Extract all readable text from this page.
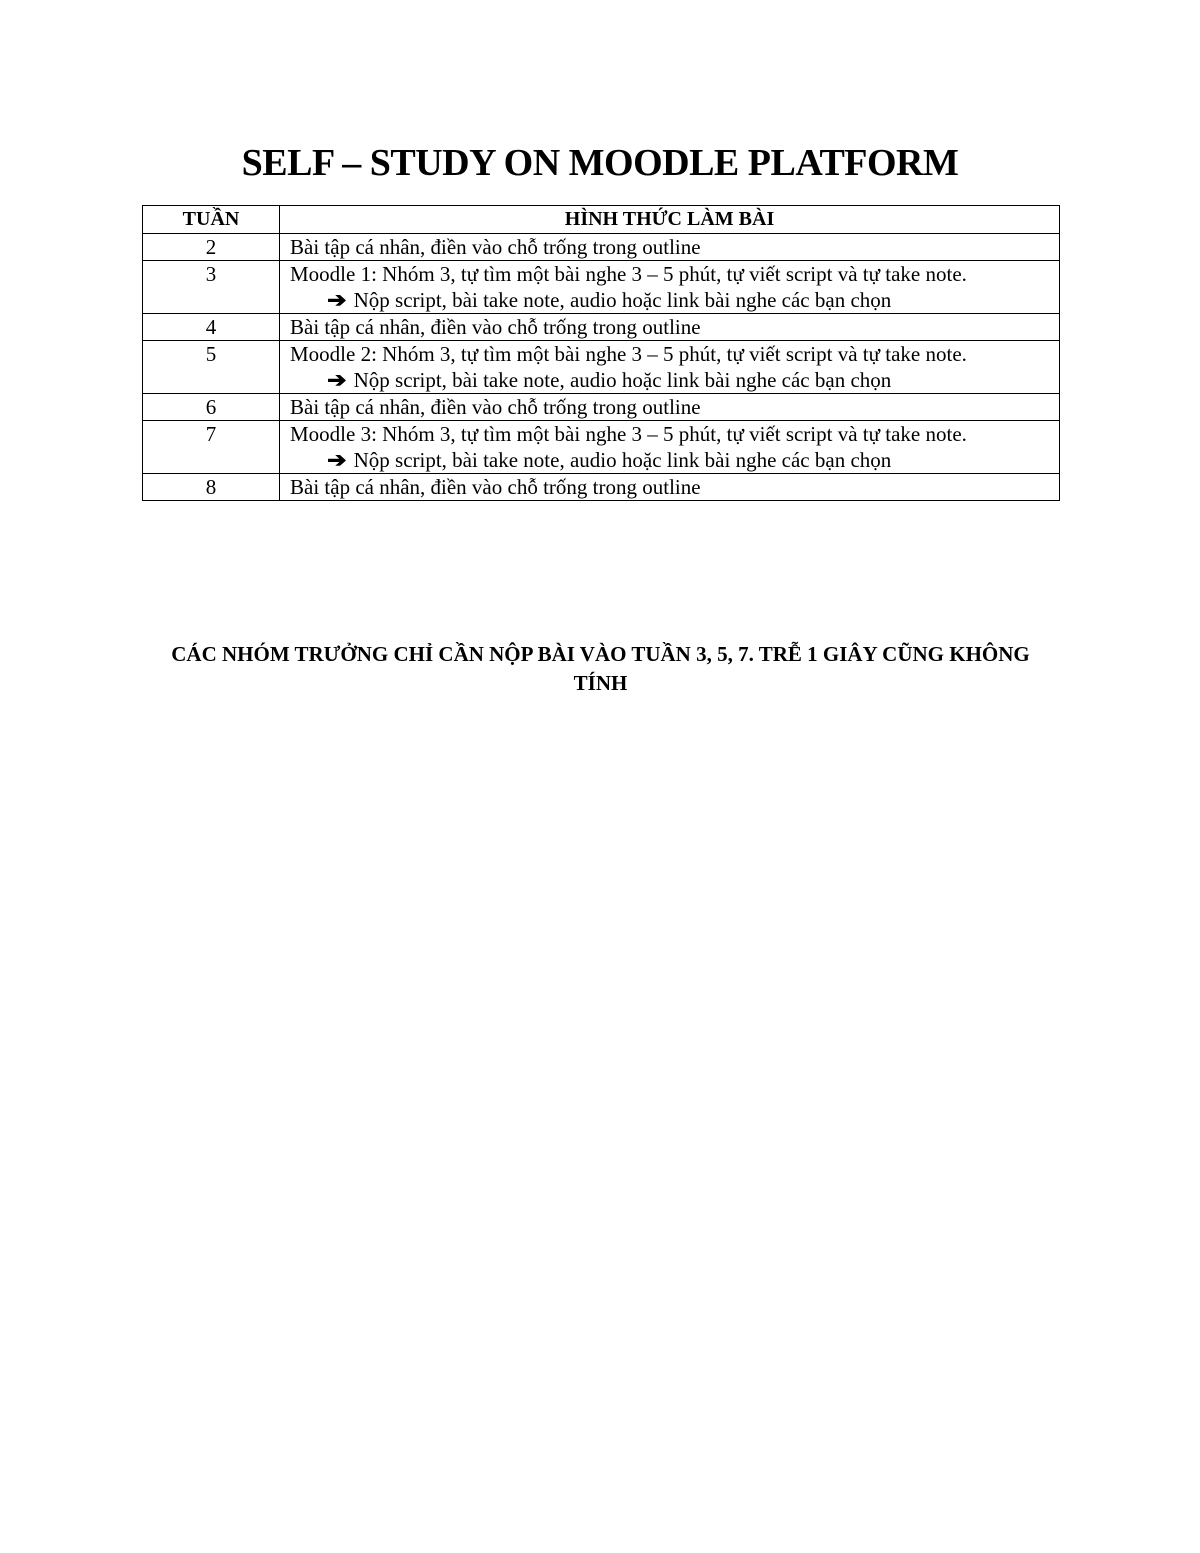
SELF – STUDY ON MOODLE PLATFORM
TUẦN	HÌNH THỨC LÀM BÀI
2	Bài tập cá nhân, điền vào chỗ trống trong outline

3	Moodle 1: Nhóm 3, tự tìm một bài nghe 3 – 5 phút, tự viết script và tự take note.
➔ Nộp script, bài take note, audio hoặc link bài nghe các bạn chọn

4	Bài tập cá nhân, điền vào chỗ trống trong outline

5	Moodle 2: Nhóm 3, tự tìm một bài nghe 3 – 5 phút, tự viết script và tự take note.
➔ Nộp script, bài take note, audio hoặc link bài nghe các bạn chọn

6	Bài tập cá nhân, điền vào chỗ trống trong outline

7	Moodle 3: Nhóm 3, tự tìm một bài nghe 3 – 5 phút, tự viết script và tự take note.
➔ Nộp script, bài take note, audio hoặc link bài nghe các bạn chọn

8	Bài tập cá nhân, điền vào chỗ trống trong outline
CÁC NHÓM TRƯỞNG CHỈ CẦN NỘP BÀI VÀO TUẦN 3, 5, 7. TRỄ 1 GIÂY CŨNG KHÔNG TÍNH
